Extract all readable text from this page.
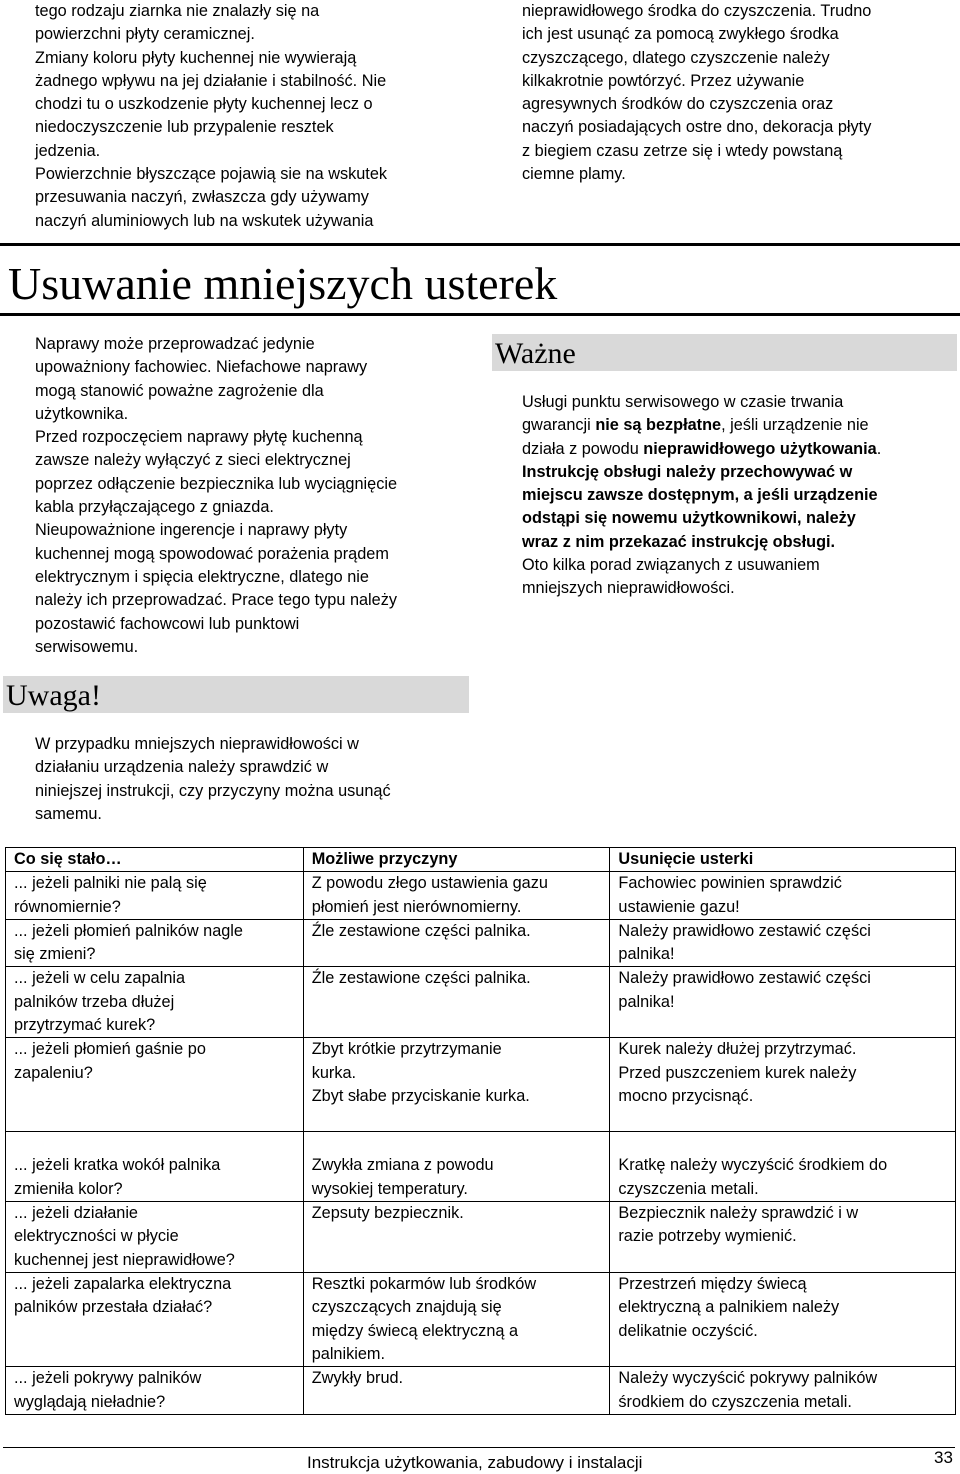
tego rodzaju ziarnka nie znalazły się na
powierzchni płyty ceramicznej.
Zmiany koloru płyty kuchennej nie wywierają
żadnego wpływu na jej działanie i stabilność. Nie
chodzi tu o uszkodzenie płyty kuchennej lecz o
niedoczyszczenie lub przypalenie resztek
jedzenia.
Powierzchnie błyszczące pojawią sie na wskutek
przesuwania naczyń, zwłaszcza gdy używamy
naczyń aluminiowych lub na wskutek używania
nieprawidłowego środka do czyszczenia. Trudno
ich jest usunąć za pomocą zwykłego środka
czyszczącego, dlatego czyszczenie należy
kilkakrotnie powtórzyć. Przez używanie
agresywnych środków do czyszczenia oraz
naczyń posiadających ostre dno, dekoracja płyty
z biegiem czasu zetrze się i wtedy powstaną
ciemne plamy.
Usuwanie mniejszych usterek
Naprawy może przeprowadzać jedynie
upoważniony fachowiec. Niefachowe naprawy
mogą stanowić poważne zagrożenie dla
użytkownika.
Przed rozpoczęciem naprawy płytę kuchenną
zawsze należy wyłączyć z sieci elektrycznej
poprzez odłączenie bezpiecznika lub wyciągnięcie
kabla przyłączającego z gniazda.
Nieupoważnione ingerencje i naprawy płyty
kuchennej mogą spowodować porażenia prądem
elektrycznym i spięcia elektryczne, dlatego nie
należy ich przeprowadzać. Prace tego typu należy
pozostawić fachowcowi lub punktowi
serwisowemu.
Ważne
Usługi punktu serwisowego w czasie trwania
gwarancji nie są bezpłatne, jeśli urządzenie nie
działa z powodu nieprawidłowego użytkowania.
Instrukcję obsługi należy przechowywać w
miejscu zawsze dostępnym, a jeśli urządzenie
odstąpi się nowemu użytkownikowi, należy
wraz z nim przekazać instrukcję obsługi.
Oto kilka porad związanych z usuwaniem
mniejszych nieprawidłowości.
Uwaga!
W przypadku mniejszych nieprawidłowości w
działaniu urządzenia należy sprawdzić w
niniejszej instrukcji, czy przyczyny można usunąć
samemu.
Co się stało…	Możliwe przyczyny	Usunięcie usterki

... jeżeli palniki nie palą się
równomiernie?	Z powodu złego ustawienia gazu
płomień jest nierównomierny.	Fachowiec powinien sprawdzić
ustawienie gazu!

... jeżeli płomień palników nagle
się zmieni?	Źle zestawione części palnika.	Należy prawidłowo zestawić części
palnika!

... jeżeli w celu zapalnia
palników trzeba dłużej
przytrzymać kurek?	Źle zestawione części palnika.	Należy prawidłowo zestawić części
palnika!

... jeżeli płomień gaśnie po
zapaleniu?	Zbyt krótkie przytrzymanie
kurka.
Zbyt słabe przyciskanie kurka.	Kurek należy dłużej przytrzymać.
Przed puszczeniem kurek należy
mocno przycisnąć.

... jeżeli kratka wokół palnika
zmieniła kolor?	Zwykła zmiana z powodu
wysokiej temperatury.	Kratkę należy wyczyścić środkiem do
czyszczenia metali.

... jeżeli działanie
elektryczności w płycie
kuchennej jest nieprawidłowe?	Zepsuty bezpiecznik.	Bezpiecznik należy sprawdzić i w
razie potrzeby wymienić.

... jeżeli zapalarka elektryczna
palników przestała działać?	Resztki pokarmów lub środków
czyszczących znajdują się
między świecą elektryczną a
palnikiem.	Przestrzeń między świecą
elektryczną a palnikiem należy
delikatnie oczyścić.

... jeżeli pokrywy palników
wyglądają nieładnie?	Zwykły brud.	Należy wyczyścić pokrywy palników
środkiem do czyszczenia metali.
Instrukcja użytkowania, zabudowy i instalacji	33
